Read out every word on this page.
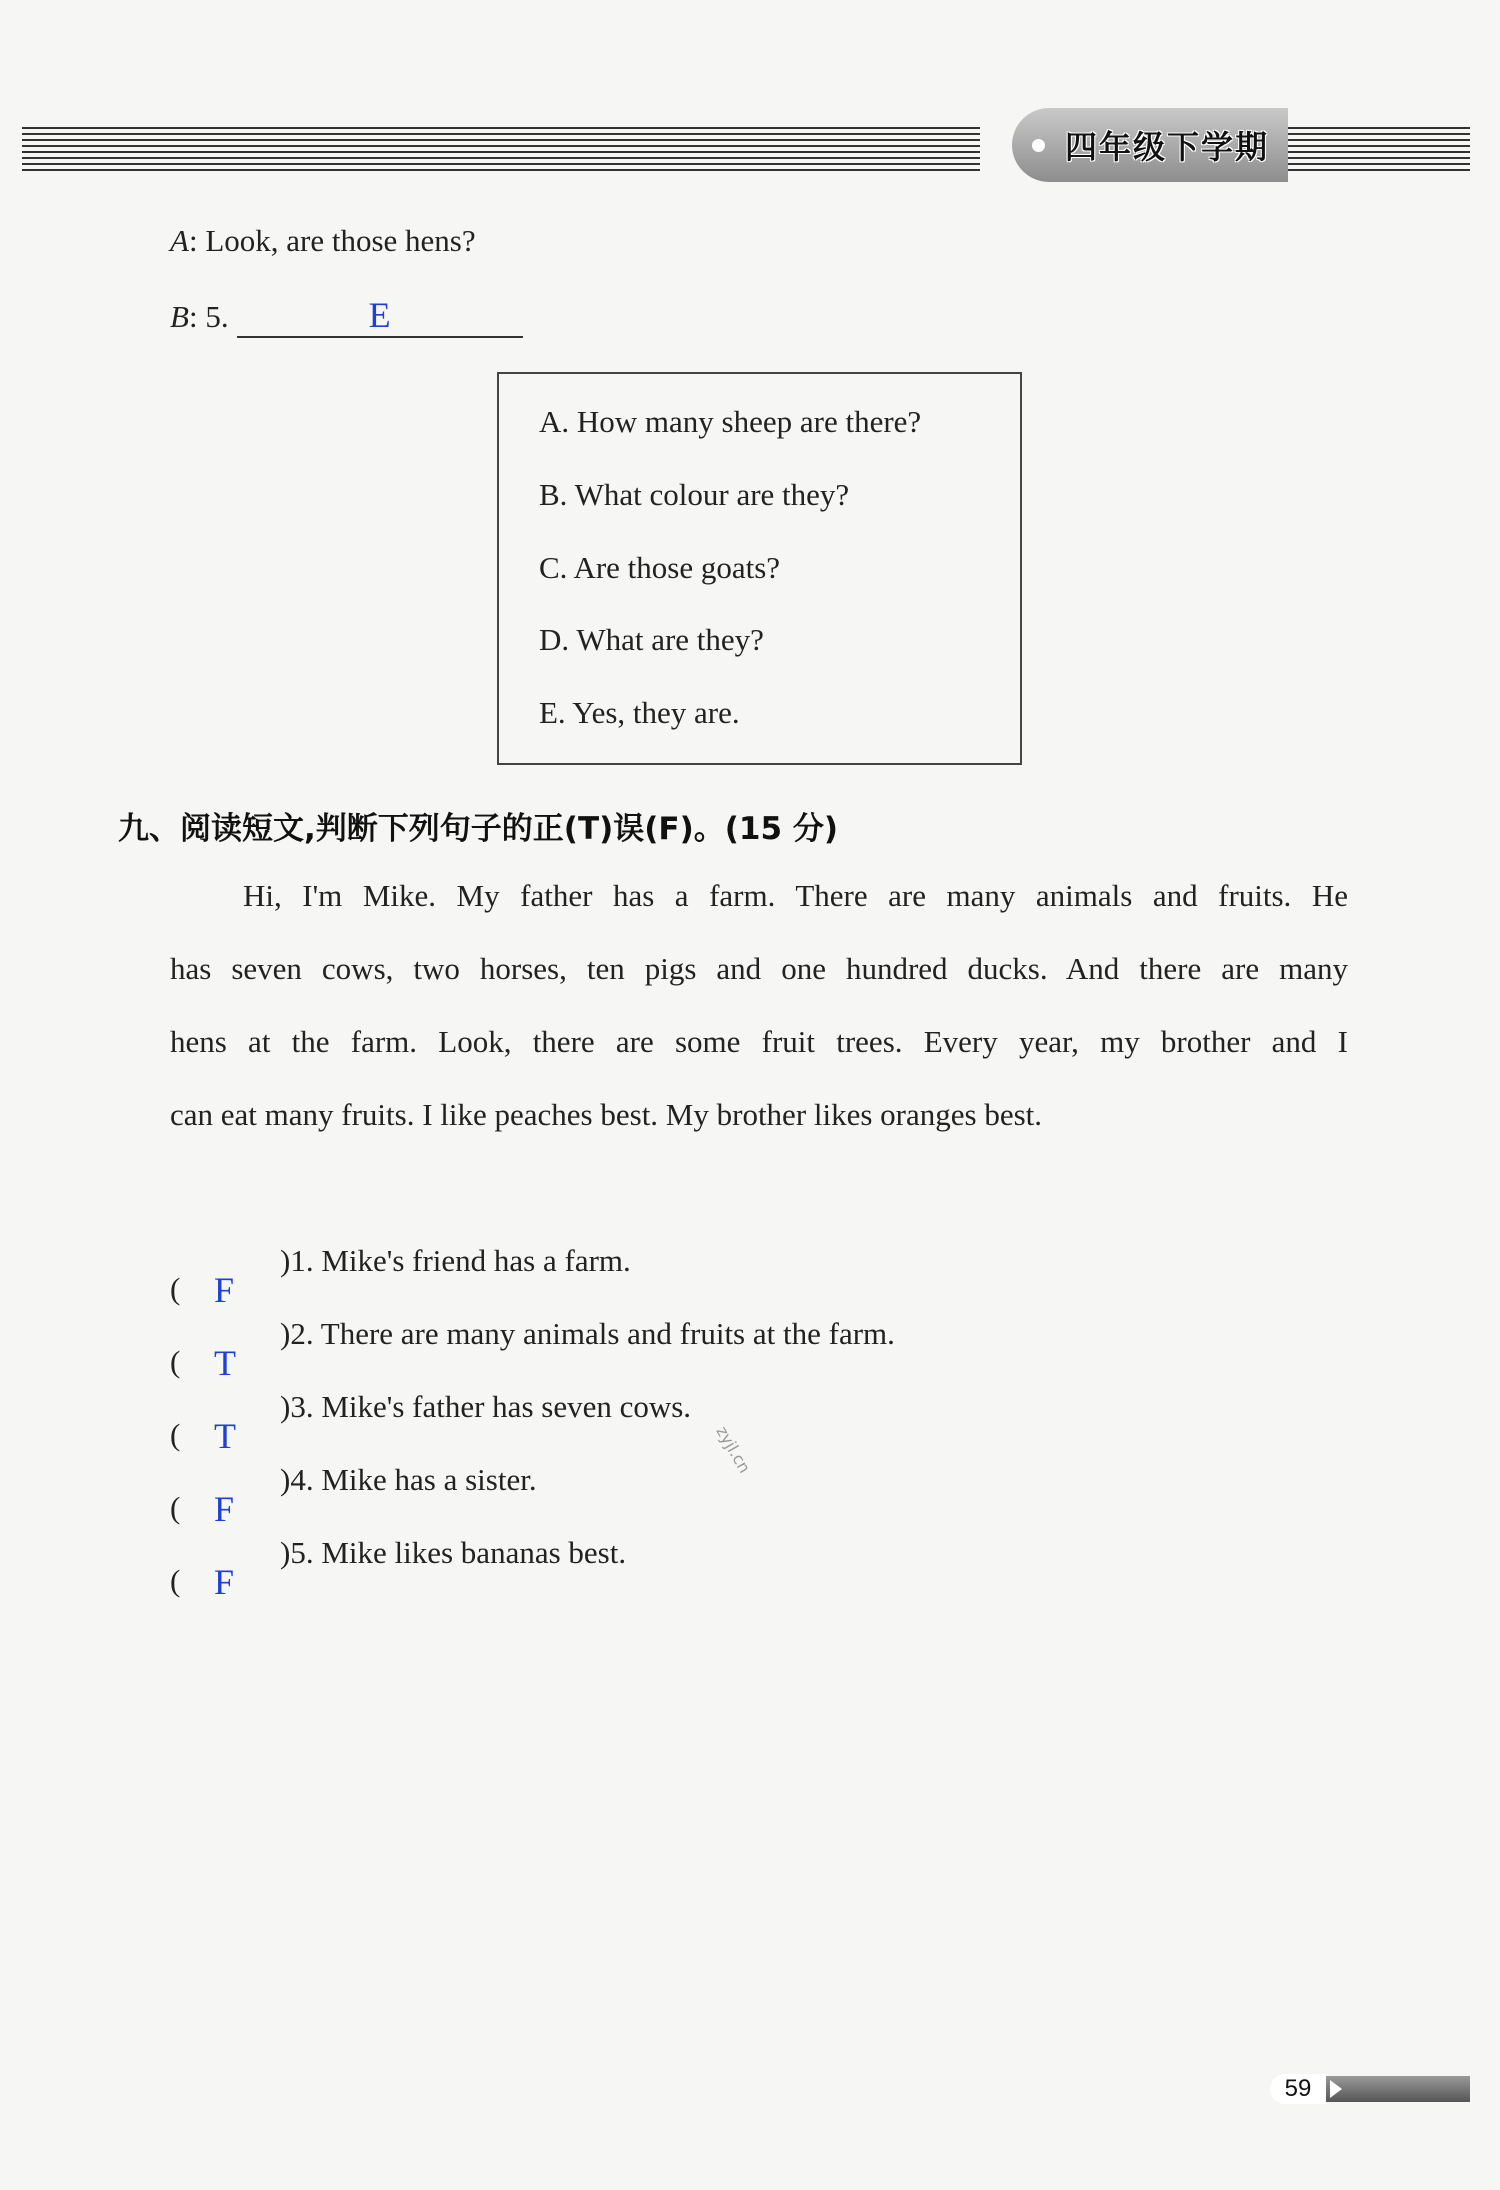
四年级下学期
A: Look, are those hens?
B: 5.	E
A. How many sheep are there?
B. What colour are they?
C. Are those goats?
D. What are they?
E. Yes, they are.
九、阅读短文,判断下列句子的正(T)误(F)。(15 分)
Hi, I'm Mike. My father has a farm. There are many animals and fruits. He
has seven cows, two horses, ten pigs and one hundred ducks. And there are many
hens at the farm. Look, there are some fruit trees. Every year, my brother and I
can eat many fruits. I like peaches best. My brother likes oranges best.
( F
)1. Mike's friend has a farm.
( T
)2. There are many animals and fruits at the farm.
( T
)3. Mike's father has seven cows.
( F
)4. Mike has a sister.
( F
)5. Mike likes bananas best.
zyjl.cn
59
